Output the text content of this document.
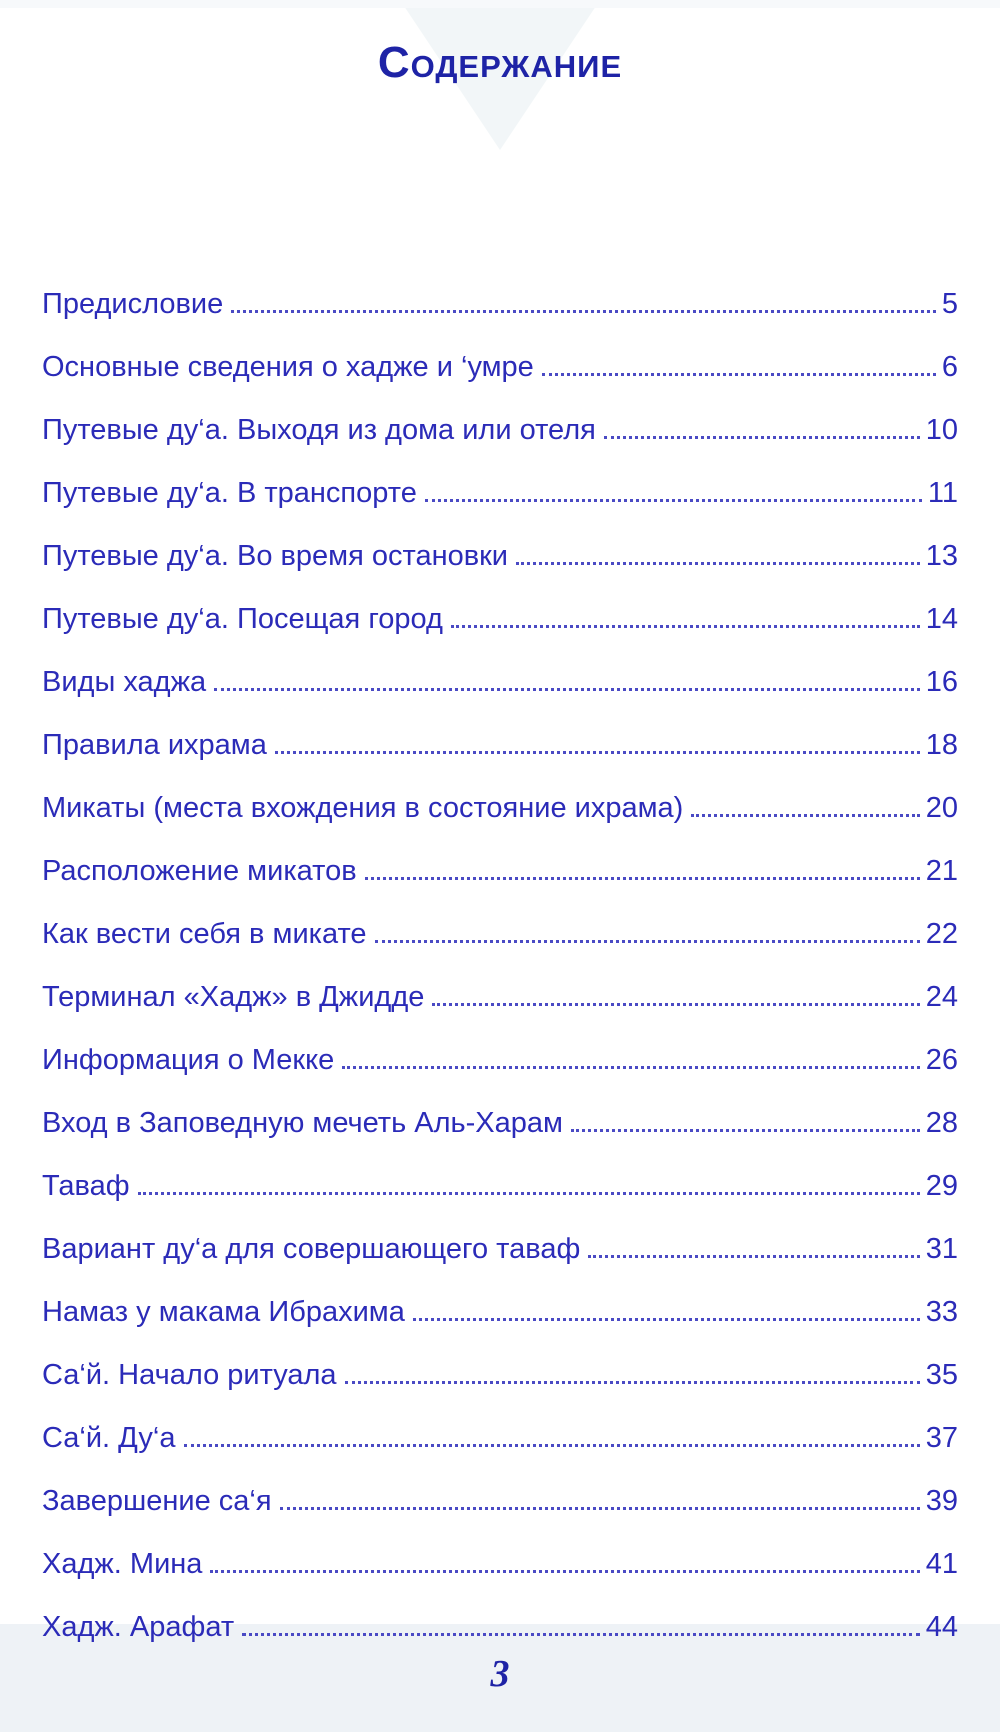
Содержание
Предисловие	5
Основные сведения о хадже и ‘умре	6
Путевые ду‘а. Выходя из дома или отеля	10
Путевые ду‘а. В транспорте	11
Путевые ду‘а. Во время остановки	13
Путевые ду‘а. Посещая город	14
Виды хаджа	16
Правила ихрама	18
Микаты (места вхождения в состояние ихрама)	20
Расположение микатов	21
Как вести себя в микате	22
Терминал «Хадж» в Джидде	24
Информация о Мекке	26
Вход в Заповедную мечеть Аль-Харам	28
Таваф	29
Вариант ду‘а для совершающего таваф	31
Намаз у макама Ибрахима	33
Са‘й. Начало ритуала	35
Са‘й. Ду‘а	37
Завершение са‘я	39
Хадж. Мина	41
Хадж. Арафат	44
3
